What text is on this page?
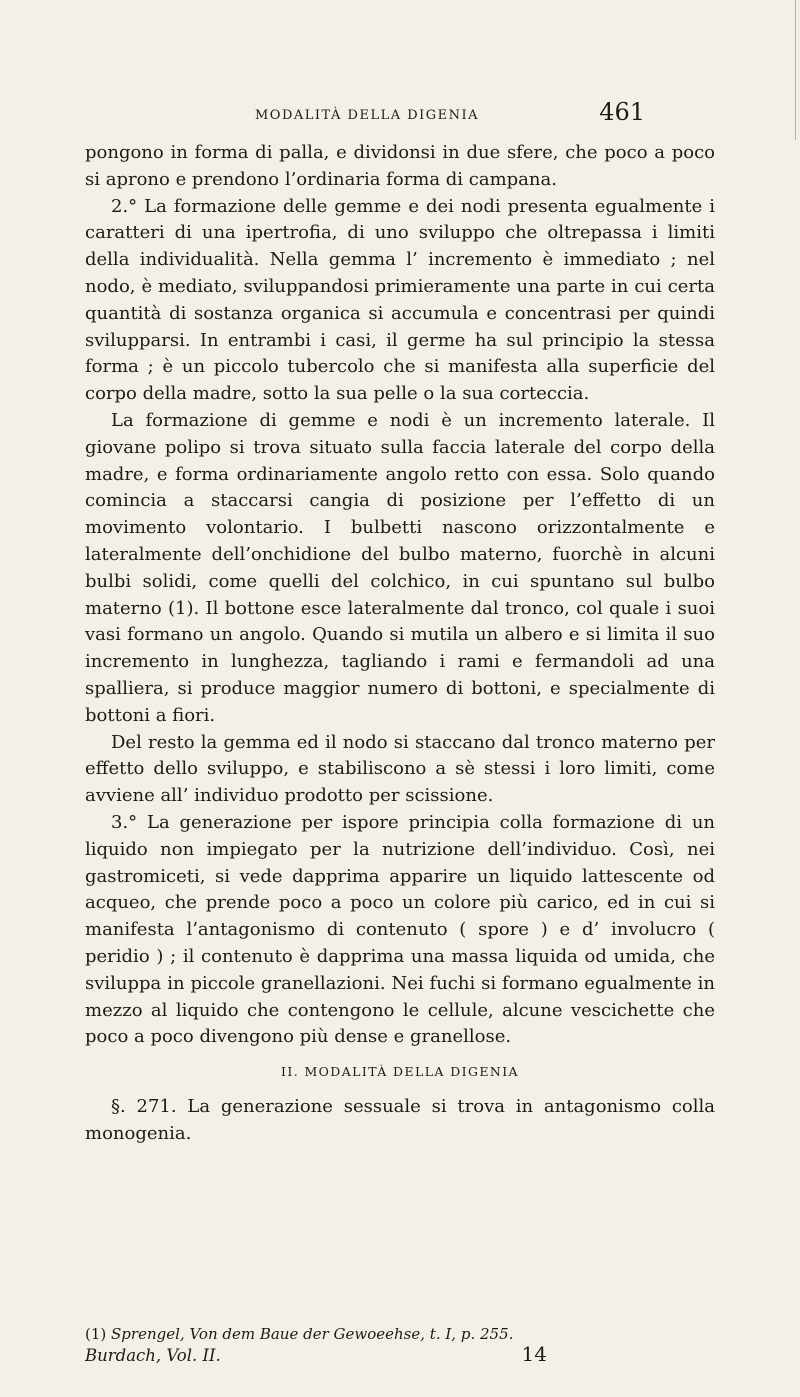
MODALITÀ DELLA DIGENIA	461

pongono in forma di palla, e dividonsi in due sfere, che poco a poco si aprono e prendono l’ordinaria forma di campana.

2.° La formazione delle gemme e dei nodi presenta egualmente i caratteri di una ipertrofia, di uno sviluppo che oltrepassa i limiti della individualità. Nella gemma l’ incremento è immediato ; nel nodo, è mediato, sviluppandosi primieramente una parte in cui certa quantità di sostanza organica si accumula e concentrasi per quindi svilupparsi. In entrambi i casi, il germe ha sul principio la stessa forma ; è un piccolo tubercolo che si manifesta alla superficie del corpo della madre, sotto la sua pelle o la sua corteccia.

La formazione di gemme e nodi è un incremento laterale. Il giovane polipo si trova situato sulla faccia laterale del corpo della madre, e forma ordinariamente angolo retto con essa. Solo quando comincia a staccarsi cangia di posizione per l’effetto di un movimento volontario. I bulbetti nascono orizzontalmente e lateralmente dell’onchidione del bulbo materno, fuorchè in alcuni bulbi solidi, come quelli del colchico, in cui spuntano sul bulbo materno (1). Il bottone esce lateralmente dal tronco, col quale i suoi vasi formano un angolo. Quando si mutila un albero e si limita il suo incremento in lunghezza, tagliando i rami e fermandoli ad una spalliera, si produce maggior numero di bottoni, e specialmente di bottoni a fiori.

Del resto la gemma ed il nodo si staccano dal tronco materno per effetto dello sviluppo, e stabiliscono a sè stessi i loro limiti, come avviene all’ individuo prodotto per scissione.

3.° La generazione per ispore principia colla formazione di un liquido non impiegato per la nutrizione dell’individuo. Così, nei gastromiceti, si vede dapprima apparire un liquido lattescente od acqueo, che prende poco a poco un colore più carico, ed in cui si manifesta l’antagonismo di contenuto ( spore ) e d’ involucro ( peridio ) ; il contenuto è dapprima una massa liquida od umida, che sviluppa in piccole granellazioni. Nei fuchi si formano egualmente in mezzo al liquido che contengono le cellule, alcune vescichette che poco a poco divengono più dense e granellose.

II. MODALITÀ DELLA DIGENIA

§. 271. La generazione sessuale si trova in antagonismo colla monogenia.

(1) Sprengel, Von dem Baue der Gewoeehse, t. I, p. 255.
Burdach, Vol. II.	14
